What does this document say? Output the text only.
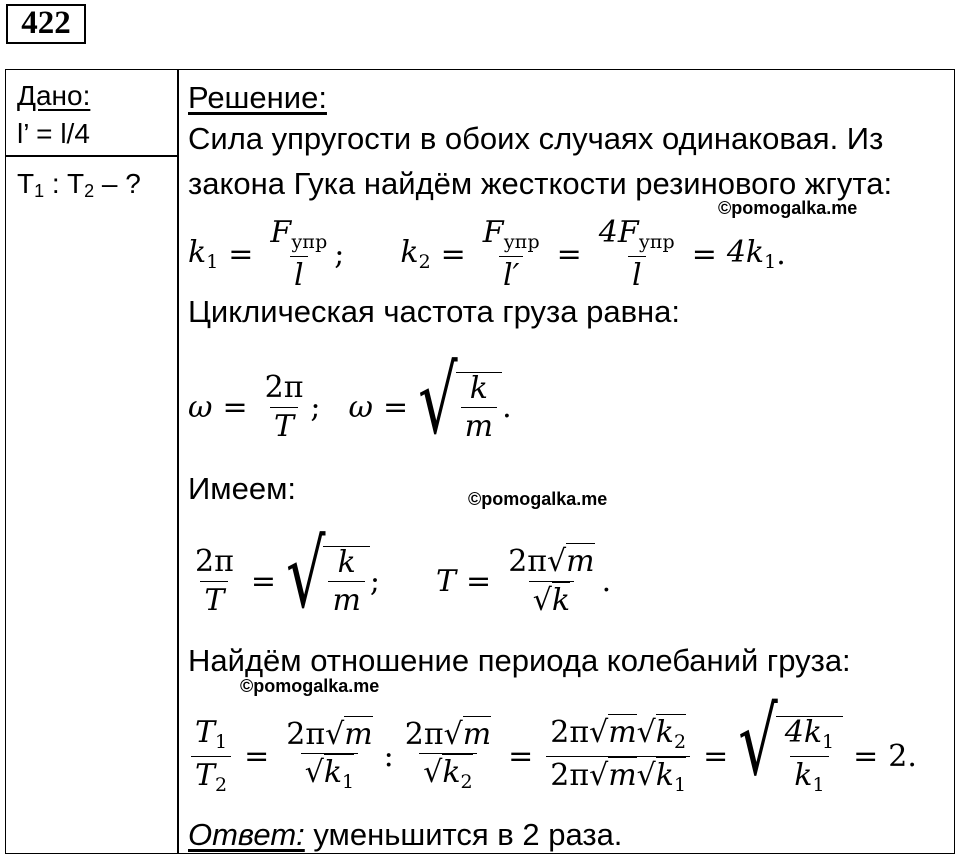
422
Дано:
l’ = l/4
$T_1$ : $T_2$ – ?
Решение:
Сила упругости в обоих случаях одинаковая. Из
закона Гука найдём жесткости резинового жгута:
Циклическая частота груза равна:
Имеем:
Найдём отношение периода колебаний груза:
Ответ: уменьшится в 2 раза.
©pomogalka.me
©pomogalka.me
©pomogalka.me
$k_1 = \frac{F_{упр}}{l}$ ; $k_2 = \frac{F_{упр}}{l'} = \frac{4F_{упр}}{l} = 4k_1$ .
$\omega = \frac{2\pi}{T}$ ; ω = √ $\frac{k}{m}$ .
$\frac{2\pi}{T}$ = √ $\frac{k}{m}$ ; $T = \frac{2\pi√m}{√k}$ .
$\frac{T_1}{T_2} = \frac{2\pi√m}{√k_1}$ : $\frac{2\pi√m}{√k_2} = \frac{2\pi√m√k_2}{2\pi√m√k_1}$ = √ $\frac{4k_1}{k_1} = 2$.
